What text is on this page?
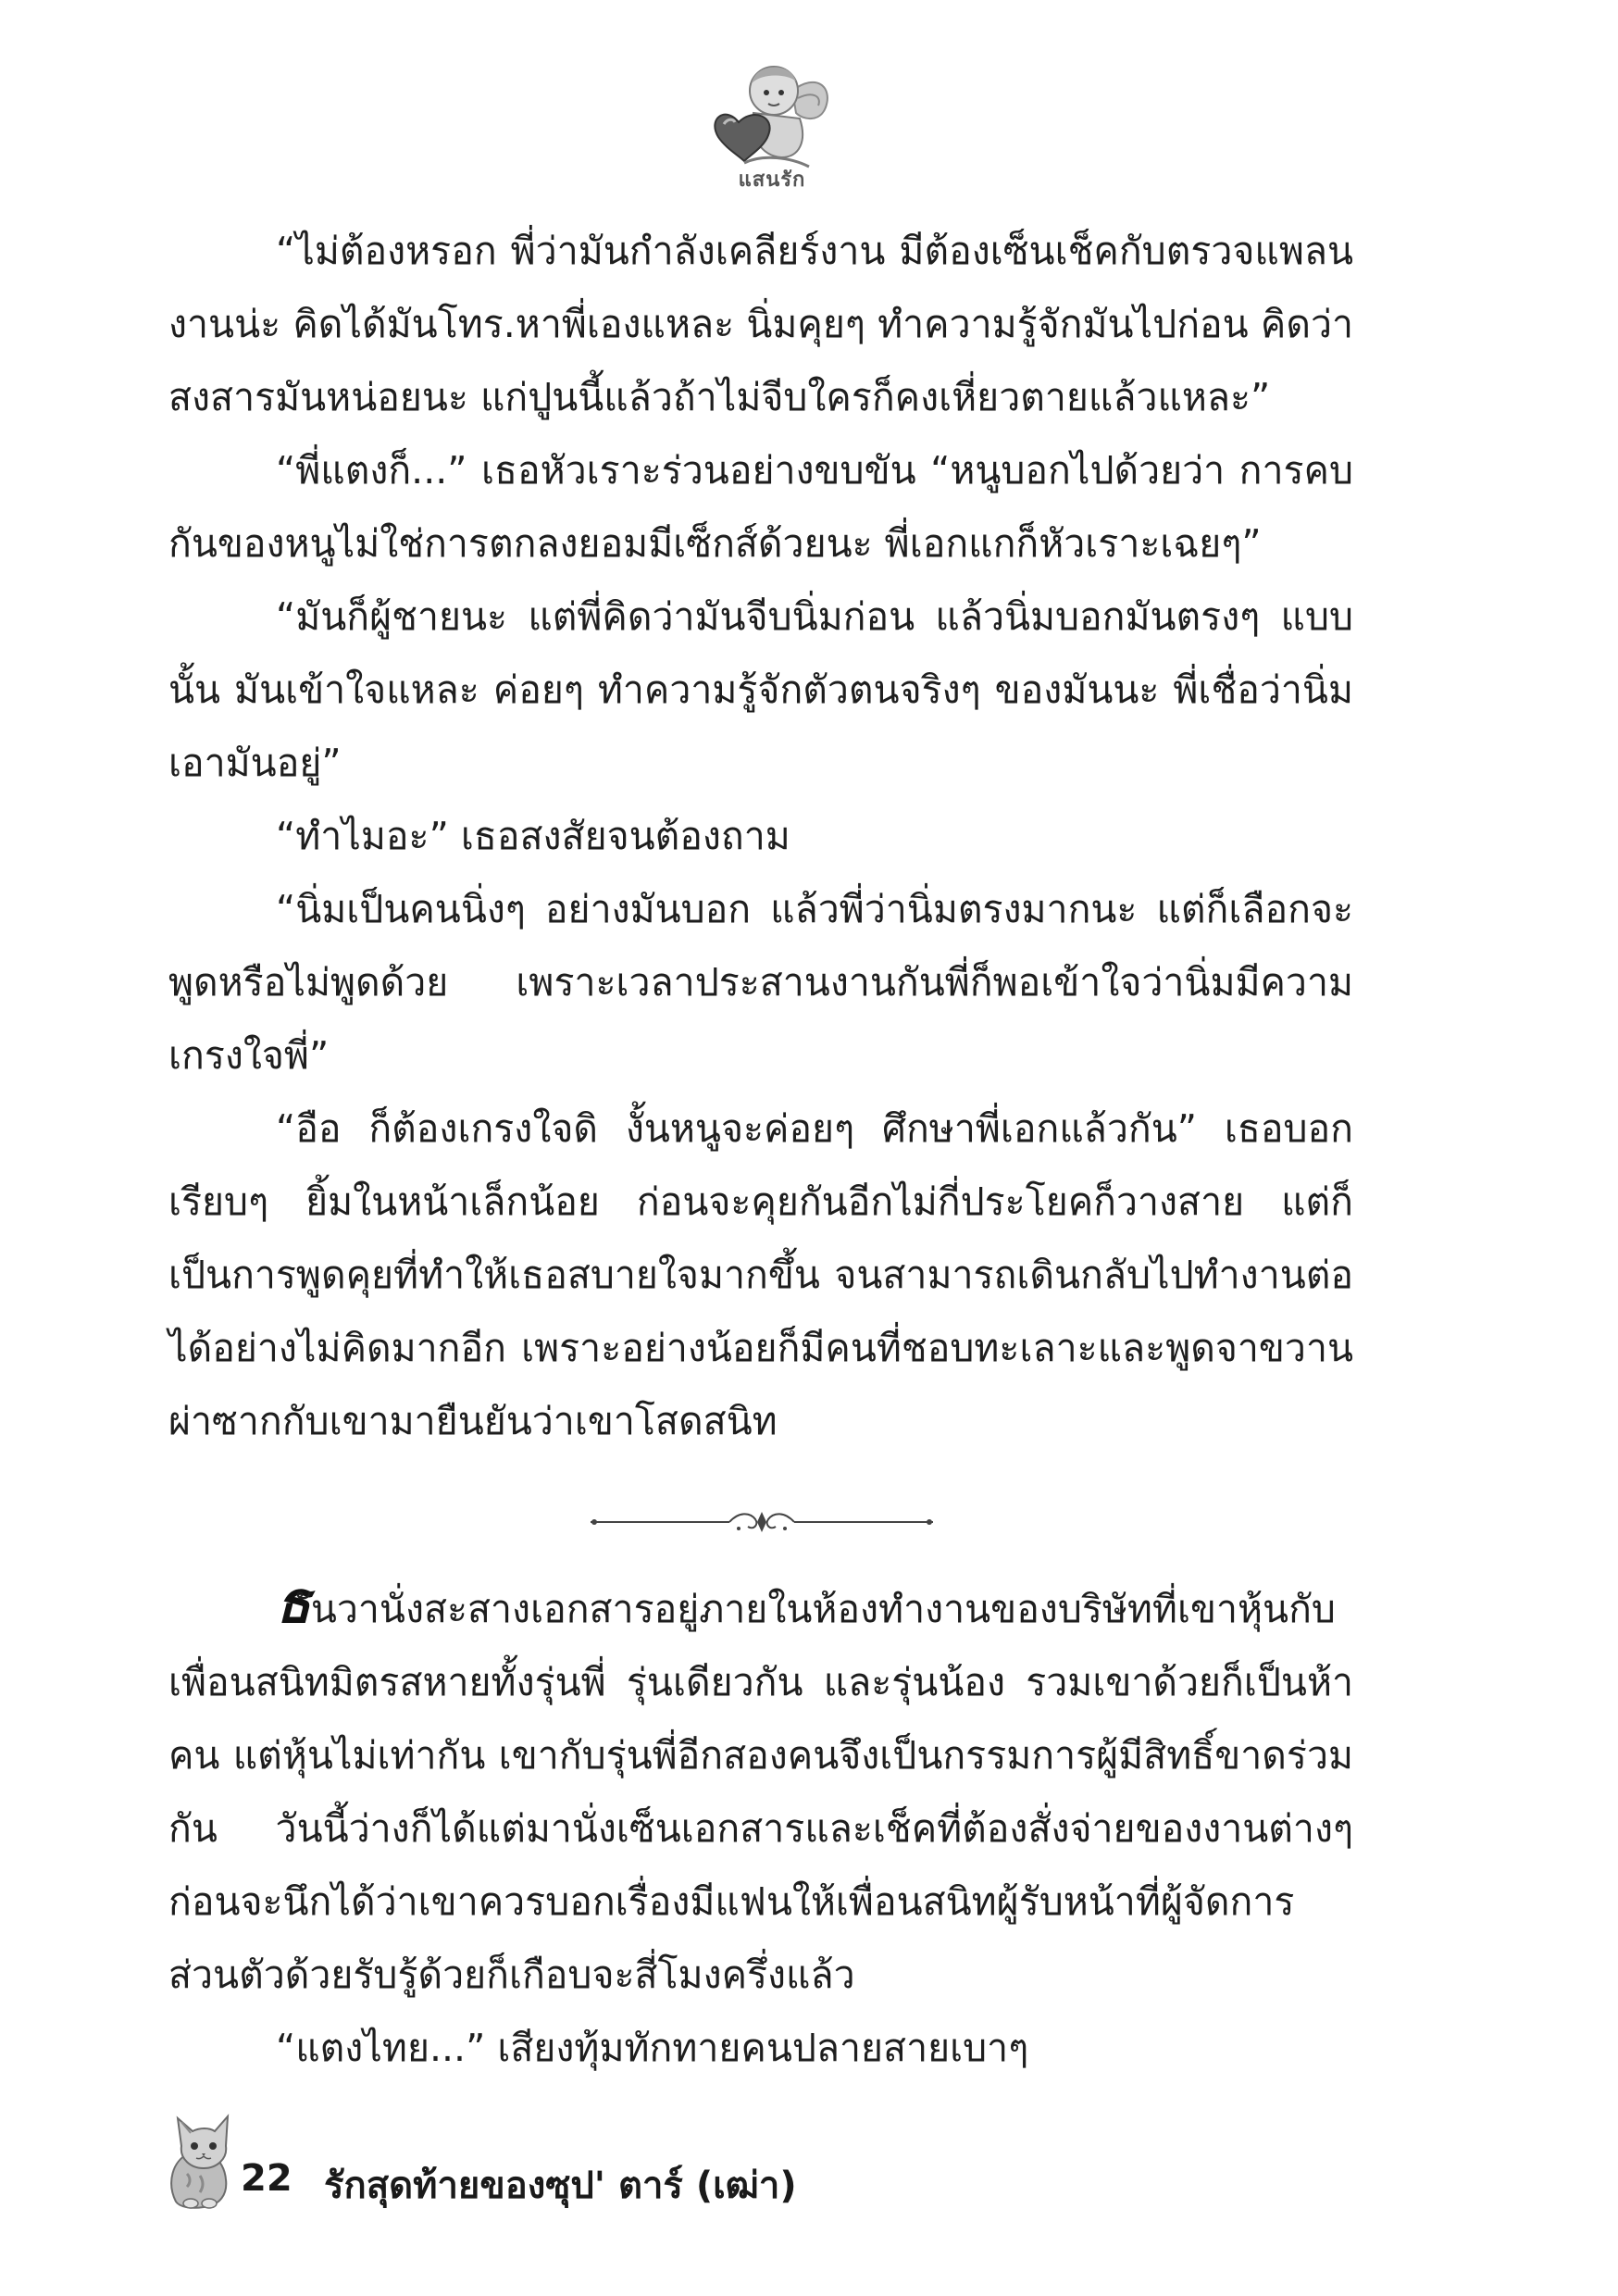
แสนรัก

“ไม่ต้องหรอก พี่ว่ามันกำลังเคลียร์งาน มีต้องเซ็นเช็คกับตรวจแพลนงานน่ะ คิดได้มันโทร.หาพี่เองแหละ นิ่มคุยๆ ทำความรู้จักมันไปก่อน คิดว่าสงสารมันหน่อยนะ แก่ปูนนี้แล้วถ้าไม่จีบใครก็คงเหี่ยวตายแล้วแหละ”

“พี่แตงก็...” เธอหัวเราะร่วนอย่างขบขัน “หนูบอกไปด้วยว่า การคบกันของหนูไม่ใช่การตกลงยอมมีเซ็กส์ด้วยนะ พี่เอกแกก็หัวเราะเฉยๆ”

“มันก็ผู้ชายนะ แต่พี่คิดว่ามันจีบนิ่มก่อน แล้วนิ่มบอกมันตรงๆ แบบนั้น มันเข้าใจแหละ ค่อยๆ ทำความรู้จักตัวตนจริงๆ ของมันนะ พี่เชื่อว่านิ่มเอามันอยู่”

“ทำไมอะ” เธอสงสัยจนต้องถาม

“นิ่มเป็นคนนิ่งๆ อย่างมันบอก แล้วพี่ว่านิ่มตรงมากนะ แต่ก็เลือกจะพูดหรือไม่พูดด้วย เพราะเวลาประสานงานกันพี่ก็พอเข้าใจว่านิ่มมีความเกรงใจพี่”

“อือ ก็ต้องเกรงใจดิ งั้นหนูจะค่อยๆ ศึกษาพี่เอกแล้วกัน” เธอบอกเรียบๆ ยิ้มในหน้าเล็กน้อย ก่อนจะคุยกันอีกไม่กี่ประโยคก็วางสาย แต่ก็เป็นการพูดคุยที่ทำให้เธอสบายใจมากขึ้น จนสามารถเดินกลับไปทำงานต่อได้อย่างไม่คิดมากอีก เพราะอย่างน้อยก็มีคนที่ชอบทะเลาะและพูดจาขวานผ่าซากกับเขามายืนยันว่าเขาโสดสนิท

ธันวานั่งสะสางเอกสารอยู่ภายในห้องทำงานของบริษัทที่เขาหุ้นกับเพื่อนสนิทมิตรสหายทั้งรุ่นพี่ รุ่นเดียวกัน และรุ่นน้อง รวมเขาด้วยก็เป็นห้าคน แต่หุ้นไม่เท่ากัน เขากับรุ่นพี่อีกสองคนจึงเป็นกรรมการผู้มีสิทธิ์ขาดร่วมกัน วันนี้ว่างก็ได้แต่มานั่งเซ็นเอกสารและเช็คที่ต้องสั่งจ่ายของงานต่างๆ ก่อนจะนึกได้ว่าเขาควรบอกเรื่องมีแฟนให้เพื่อนสนิทผู้รับหน้าที่ผู้จัดการส่วนตัวด้วยรับรู้ด้วยก็เกือบจะสี่โมงครึ่งแล้ว

“แตงไทย...” เสียงทุ้มทักทายคนปลายสายเบาๆ

22 รักสุดท้ายของซุป' ตาร์ (เฒ่า)
